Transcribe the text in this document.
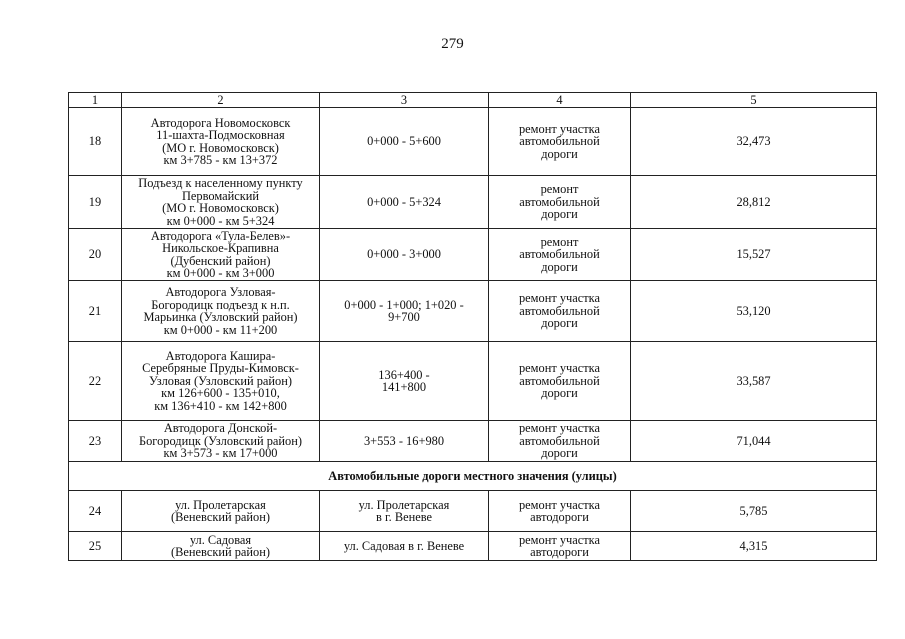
279
1	2	3	4	5
18	Автодорога Новомосковск
11-шахта-Подмосковная
(МО г. Новомосковск)
км 3+785 - км 13+372	0+000 - 5+600	ремонт участка
автомобильной
дороги	32,473
19	Подъезд к населенному пункту
Первомайский
(МО г. Новомосковск)
км 0+000 - км 5+324	0+000 - 5+324	ремонт
автомобильной
дороги	28,812
20	Автодорога «Тула-Белев»-
Никольское-Крапивна
(Дубенский район)
км 0+000 - км 3+000	0+000 - 3+000	ремонт
автомобильной
дороги	15,527
21	Автодорога Узловая-
Богородицк подъезд к н.п.
Марьинка (Узловский район)
км 0+000 - км 11+200	0+000 - 1+000; 1+020 -
9+700	ремонт участка
автомобильной
дороги	53,120
22	Автодорога Кашира-
Серебряные Пруды-Кимовск-
Узловая (Узловский район)
км 126+600 - 135+010,
км 136+410 - км 142+800	136+400 -
141+800	ремонт участка
автомобильной
дороги	33,587
23	Автодорога Донской-
Богородицк (Узловский район)
км 3+573 - км 17+000	3+553 - 16+980	ремонт участка
автомобильной
дороги	71,044
Автомобильные дороги местного значения (улицы)				
24	ул. Пролетарская
(Веневский район)	ул. Пролетарская
в г. Веневе	ремонт участка
автодороги	5,785
25	ул. Садовая
(Веневский район)	ул. Садовая в г. Веневе	ремонт участка
автодороги	4,315
